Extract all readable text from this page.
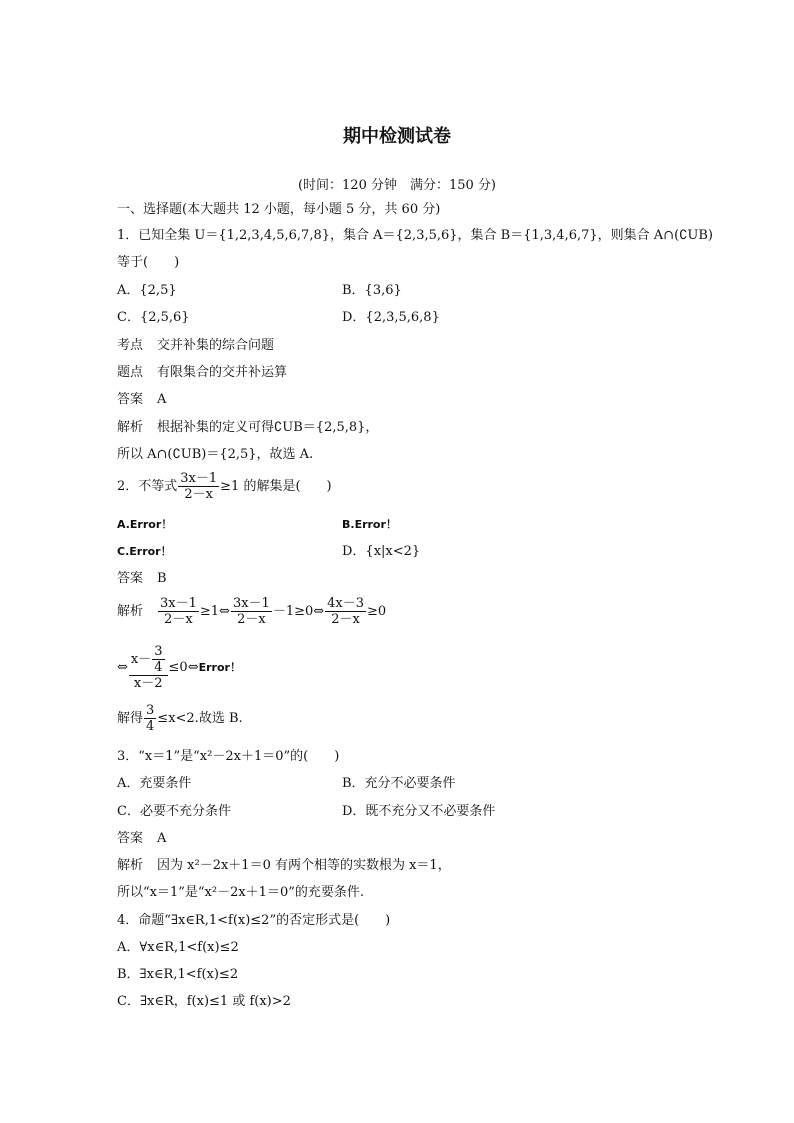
期中检测试卷
(时间：120 分钟　满分：150 分)
一、选择题(本大题共 12 小题，每小题 5 分，共 60 分)
1．已知全集 U＝{1,2,3,4,5,6,7,8}，集合 A＝{2,3,5,6}，集合 B＝{1,3,4,6,7}，则集合 A∩(∁UB)
等于(　　)
A．{2,5}	B．{3,6}
C．{2,5,6}	D．{2,3,5,6,8}
考点 交并补集的综合问题
题点 有限集合的交并补运算
答案 A
解析 根据补集的定义可得∁UB＝{2,5,8}，
所以 A∩(∁UB)＝{2,5}，故选 A.
2．不等式 $\frac{3x-1}{2-x} \ge 1$ 的解集是(　　)
A.Error！	B.Error！
C.Error！	D．{x|x<2}
答案 B
解析 $\frac{3x-1}{2-x}$ ≥1⇔ $\frac{3x-1}{2-x}$ －1≥0⇔ $\frac{4x-3}{2-x} \ge 0$
⇔ $\frac{x- \frac{3}{4}}{x-2}$ ≤0⇔Error！
解得 $\frac{3}{4} \le x<2$.故选 B.
3．“x＝1”是“x²－2x＋1＝0”的(　　)
A．充要条件	B．充分不必要条件
C．必要不充分条件	D．既不充分又不必要条件
答案 A
解析 因为 x²－2x＋1＝0 有两个相等的实数根为 x＝1，
所以“x＝1”是“x²－2x＋1＝0”的充要条件.
4．命题“∃x∈R,1<f(x)≤2”的否定形式是(　　)
A．∀x∈R,1<f(x)≤2
B．∃x∈R,1<f(x)≤2
C．∃x∈R，f(x)≤1 或 f(x)>2
